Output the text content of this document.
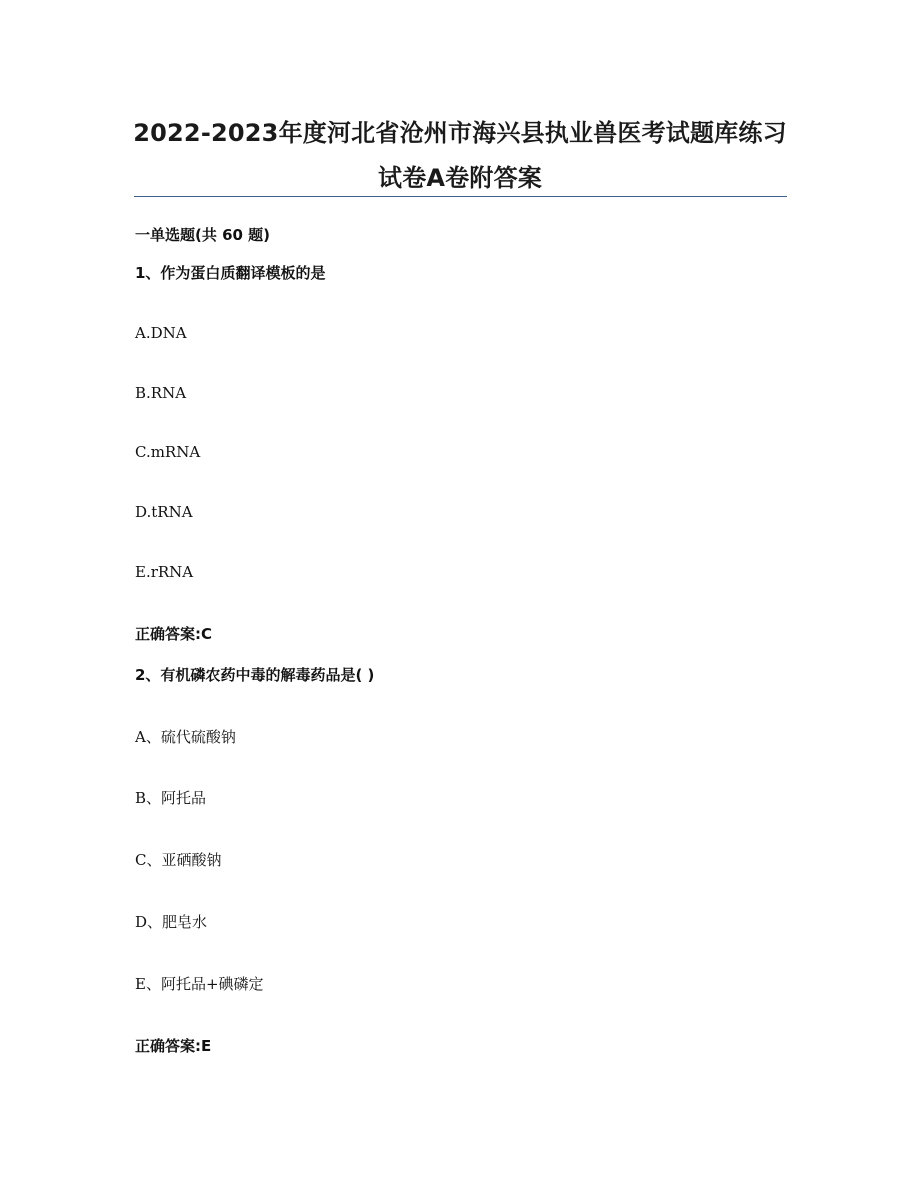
2022-2023年度河北省沧州市海兴县执业兽医考试题库练习
试卷A卷附答案
一单选题(共 60 题)
1、作为蛋白质翻译模板的是
A.DNA
B.RNA
C.mRNA
D.tRNA
E.rRNA
正确答案:C
2、有机磷农药中毒的解毒药品是( )
A、硫代硫酸钠
B、阿托品
C、亚硒酸钠
D、肥皂水
E、阿托品+碘磷定
正确答案:E
